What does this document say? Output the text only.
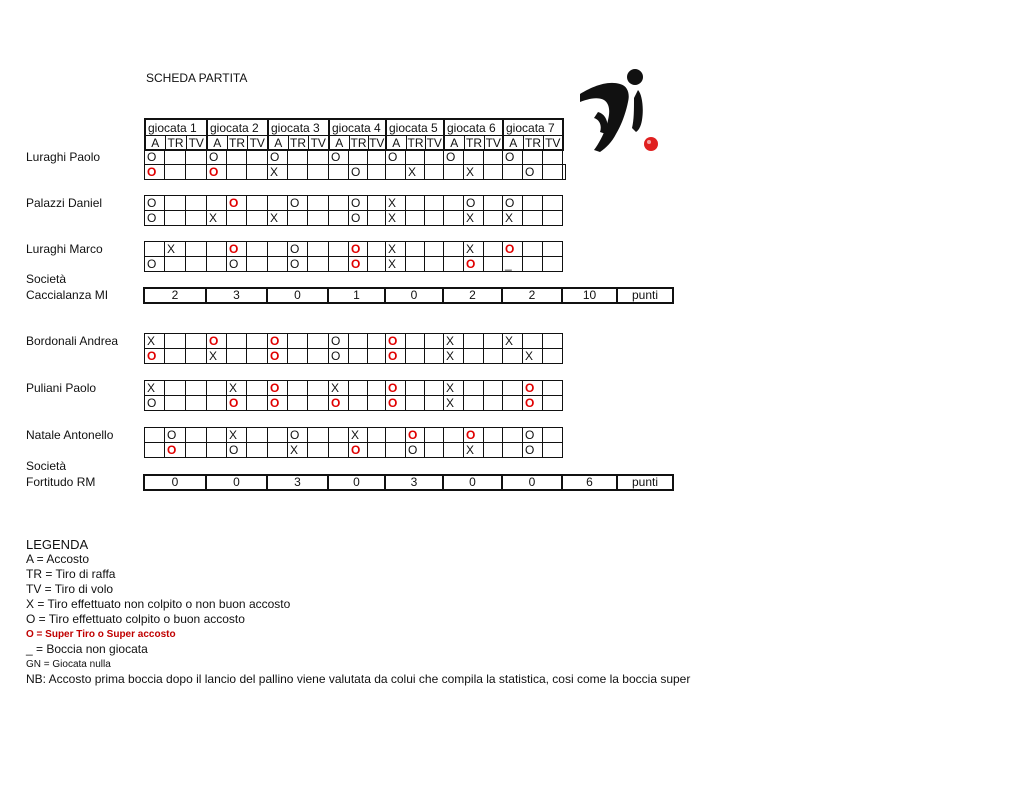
SCHEDA PARTITA
giocata 1			giocata 2			giocata 3			giocata 4			giocata 5			giocata 6			giocata 7		
A	TR	TV	A	TR	TV	A	TR	TV	A	TR	TV	A	TR	TV	A	TR	TV	A	TR	TV
Luraghi Paolo	O			O			O			O			O			O			O			
O			O			X				O			X			X			O		
Palazzi Daniel	O				O			O			O		X				O		O		
O			X			X				O		X				X		X		
Luraghi Marco
		X			O			O			O		X				X		O		
O				O			O			O		X				O		_		
Società
Caccialanza MI	2	3	0	1	0	2	2	10	punti
Bordonali Andrea X			O			O			O			O			X			X		
O			X			O			O			O			X				X	
Puliani Paolo	X				X		O			X			O			X				O	
O				O		O			O			O			X				O	
Natale Antonello
		O			X			O			X			O			O			O	
	O			O			X			O			O			X			O	
Società
Fortitudo RM	0	0	3	0	3	0	0	6	punti
LEGENDA
A = Accosto
TR = Tiro di raffa
TV = Tiro di volo
X = Tiro effettuato non colpito o non buon accosto
O = Tiro effettuato colpito o buon accosto
O = Super Tiro o Super accosto
_ = Boccia non giocata
GN = Giocata nulla
NB: Accosto prima boccia dopo il lancio del pallino viene valutata da colui che compila la statistica, cosi come la boccia super
